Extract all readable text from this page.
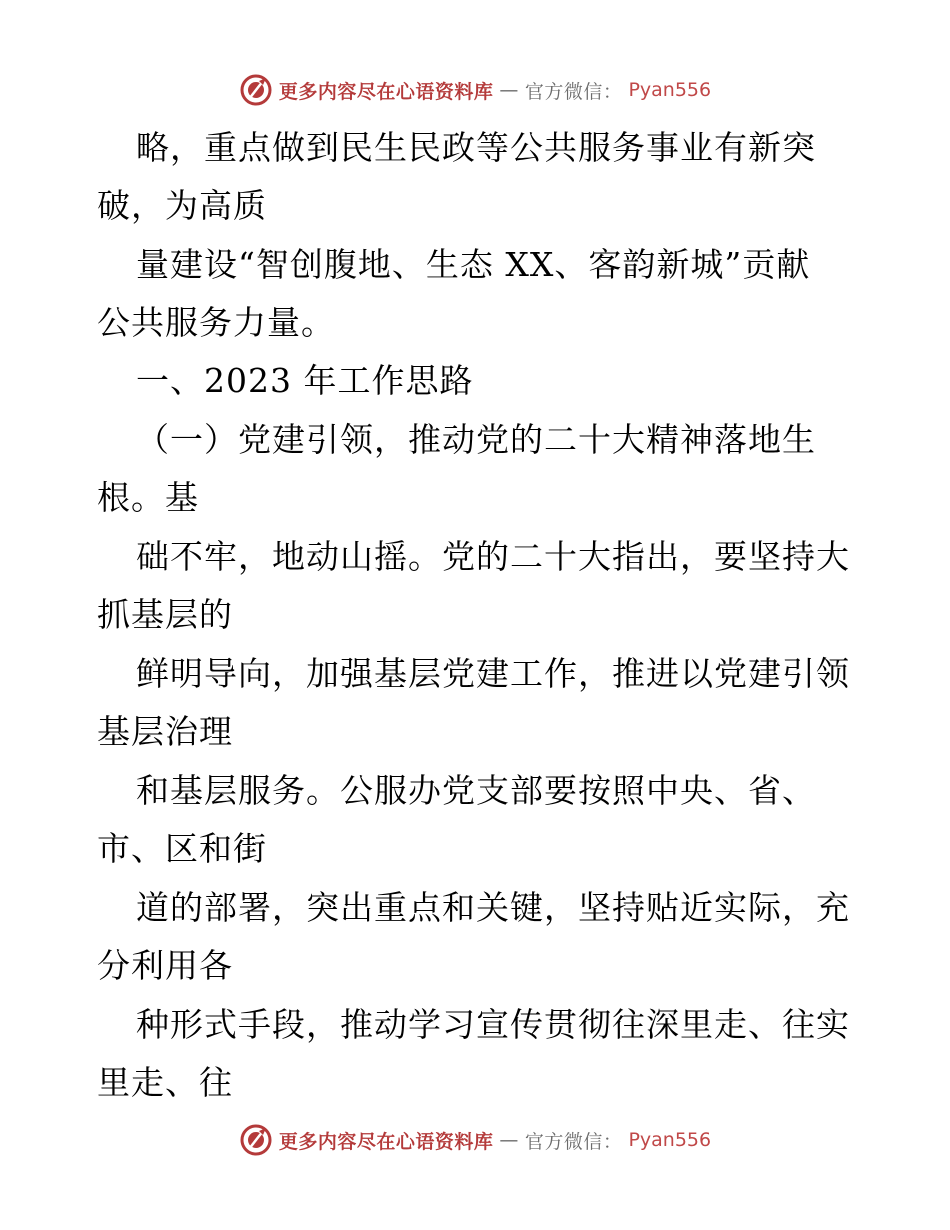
更多内容尽在心语资料库 — 官方微信： Pyan556
略，重点做到民生民政等公共服务事业有新突
破，为高质
量建设“智创腹地、生态 XX、客韵新城”贡献
公共服务力量。
一、2023 年工作思路
（一）党建引领，推动党的二十大精神落地生
根。基
础不牢，地动山摇。党的二十大指出，要坚持大
抓基层的
鲜明导向，加强基层党建工作，推进以党建引领
基层治理
和基层服务。公服办党支部要按照中央、省、
市、区和街
道的部署，突出重点和关键，坚持贴近实际，充
分利用各
种形式手段，推动学习宣传贯彻往深里走、往实
里走、往
更多内容尽在心语资料库 — 官方微信： Pyan556
